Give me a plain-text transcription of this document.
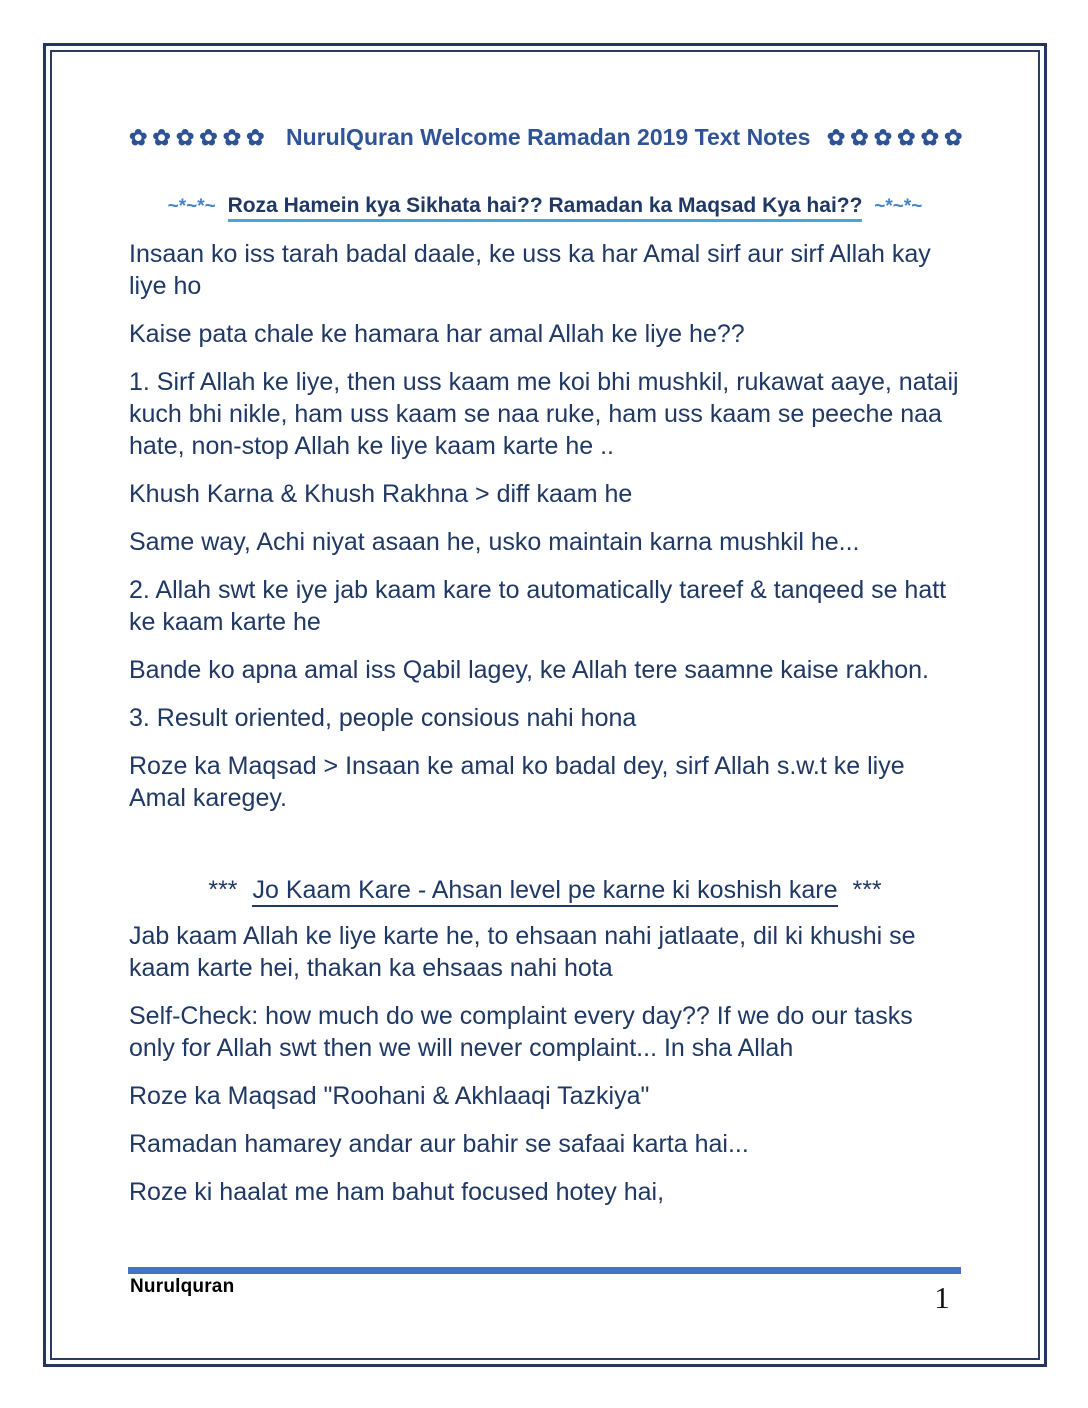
✿✿✿✿✿✿ NurulQuran Welcome Ramadan 2019 Text Notes ✿✿✿✿✿✿
~*~*~ Roza Hamein kya Sikhata hai?? Ramadan ka Maqsad Kya hai?? ~*~*~

Insaan ko iss tarah badal daale, ke uss ka har Amal sirf aur sirf Allah kay liye ho

Kaise pata chale ke hamara har amal Allah ke liye he??

1. Sirf Allah ke liye, then uss kaam me koi bhi mushkil, rukawat aaye, nataij kuch bhi nikle, ham uss kaam se naa ruke, ham uss kaam se peeche naa hate, non-stop Allah ke liye kaam karte he ..

Khush Karna & Khush Rakhna > diff kaam he

Same way, Achi niyat asaan he, usko maintain karna mushkil he...

2. Allah swt ke iye jab kaam kare to automatically tareef & tanqeed se hatt ke kaam karte he

Bande ko apna amal iss Qabil lagey, ke Allah tere saamne kaise rakhon.

3. Result oriented, people consious nahi hona

Roze ka Maqsad > Insaan ke amal ko badal dey, sirf Allah s.w.t ke liye Amal karegey.

*** Jo Kaam Kare - Ahsan level pe karne ki koshish kare ***

Jab kaam Allah ke liye karte he, to ehsaan nahi jatlaate, dil ki khushi se kaam karte hei, thakan ka ehsaas nahi hota

Self-Check: how much do we complaint every day?? If we do our tasks only for Allah swt then we will never complaint... In sha Allah

Roze ka Maqsad "Roohani & Akhlaaqi Tazkiya"

Ramadan hamarey andar aur bahir se safaai karta hai...

Roze ki haalat me ham bahut focused hotey hai,

Nurulquran	1
